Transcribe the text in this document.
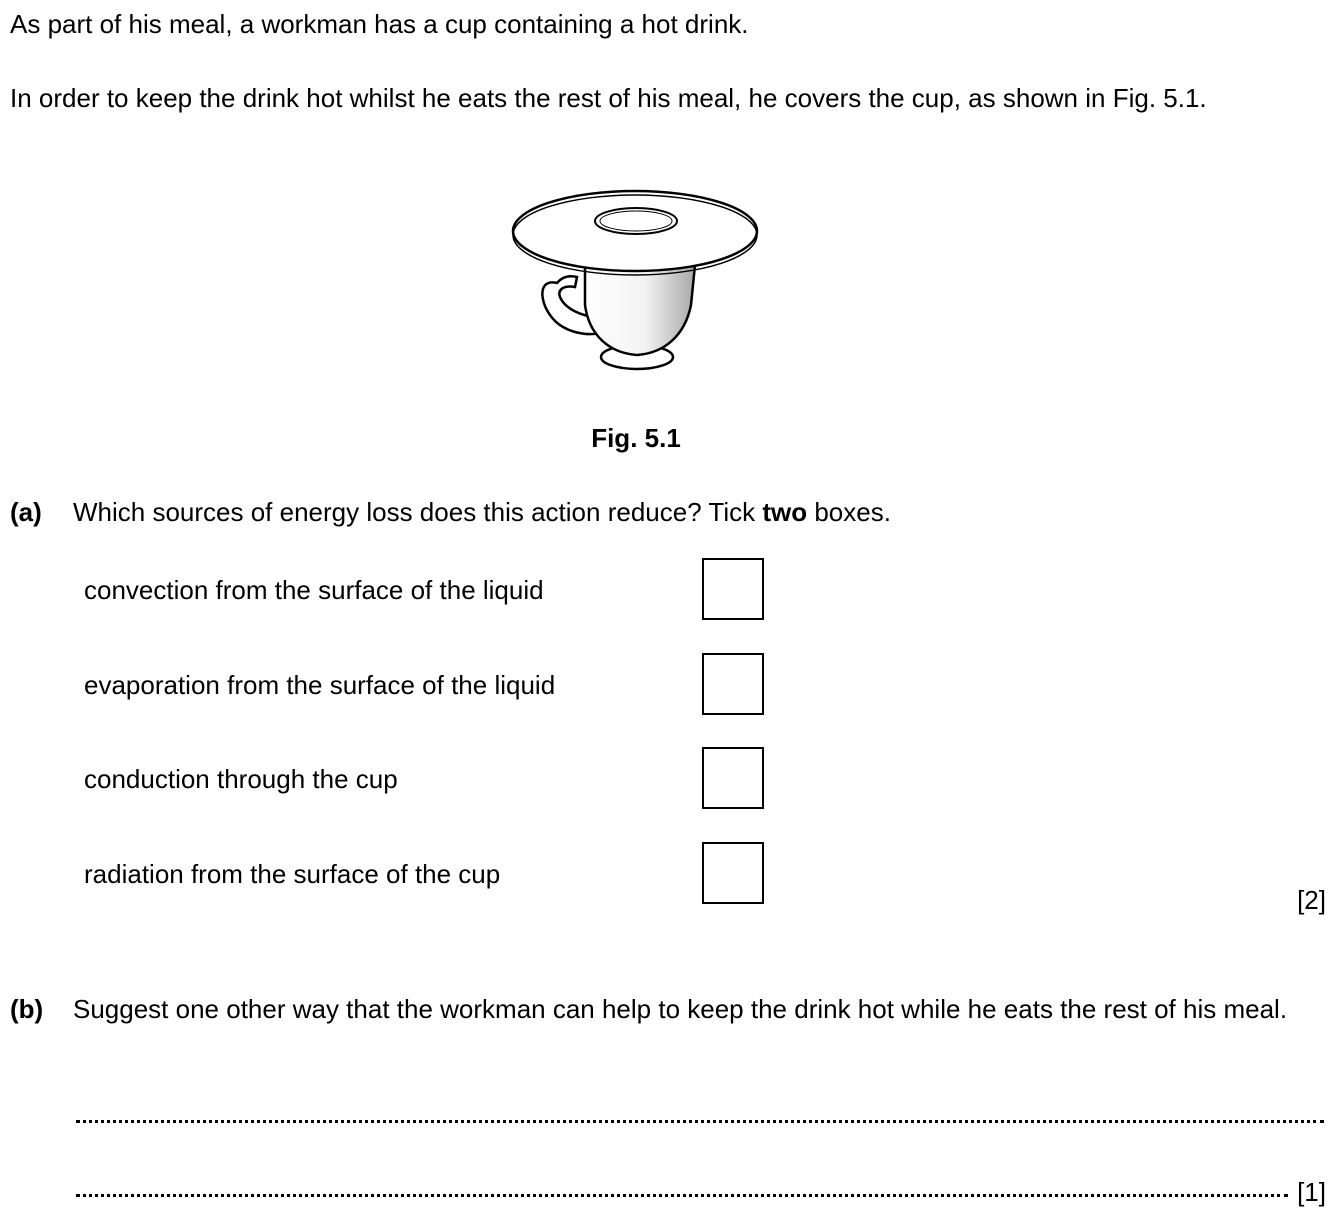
As part of his meal, a workman has a cup containing a hot drink.
In order to keep the drink hot whilst he eats the rest of his meal, he covers the cup, as shown in Fig. 5.1.
Fig. 5.1
(a) Which sources of energy loss does this action reduce? Tick two boxes.
convection from the surface of the liquid
evaporation from the surface of the liquid
conduction through the cup
radiation from the surface of the cup
[2]
(b) Suggest one other way that the workman can help to keep the drink hot while he eats the rest of his meal.
[1]
